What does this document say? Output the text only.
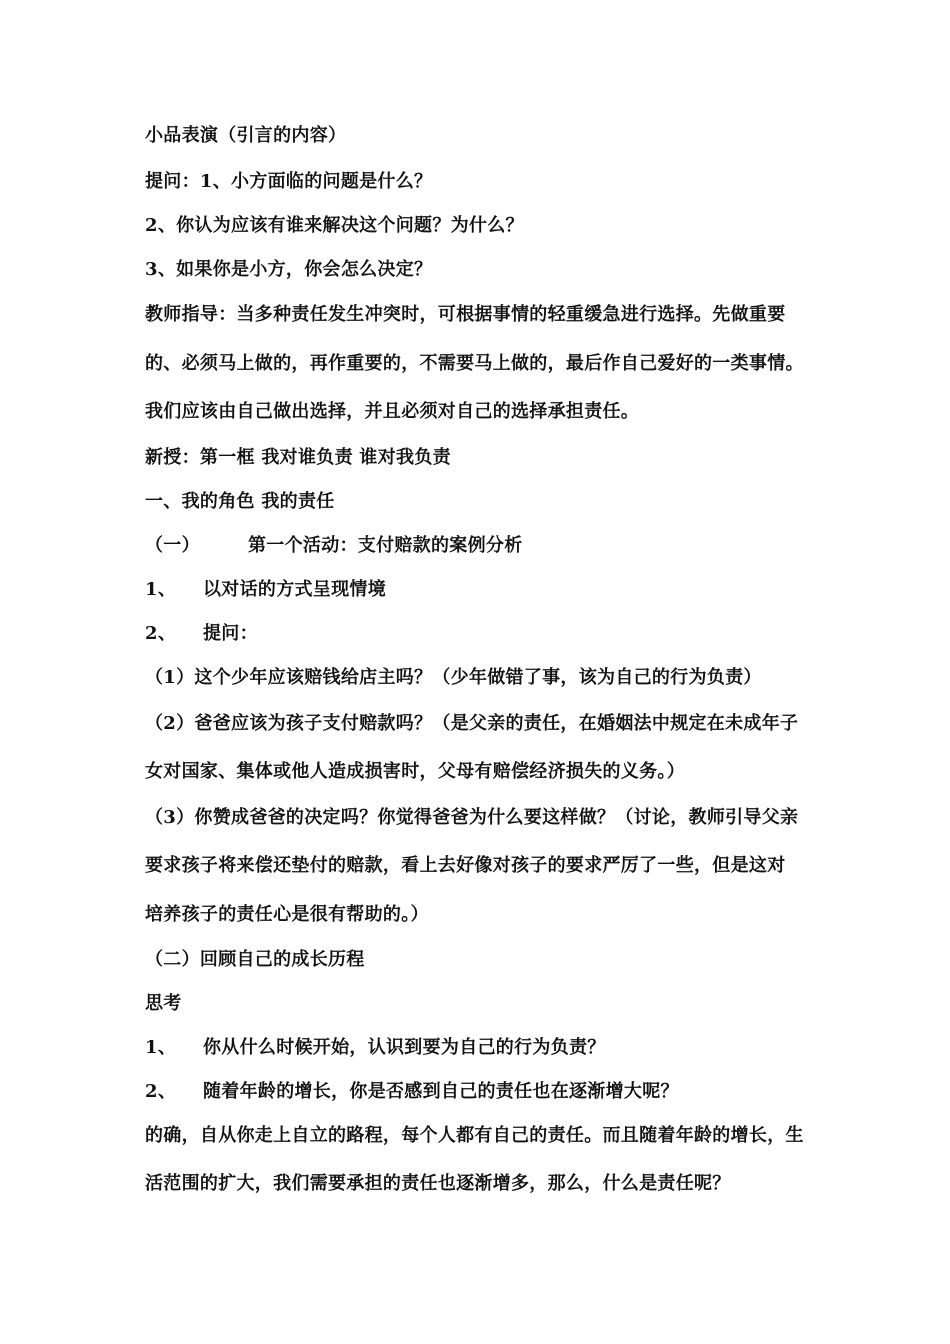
小品表演（引言的内容）
提问：1、小方面临的问题是什么？
2、你认为应该有谁来解决这个问题？为什么？
3、如果你是小方，你会怎么决定？
教师指导：当多种责任发生冲突时，可根据事情的轻重缓急进行选择。先做重要
的、必须马上做的，再作重要的，不需要马上做的，最后作自己爱好的一类事情。
我们应该由自己做出选择，并且必须对自己的选择承担责任。
新授：第一框 我对谁负责 谁对我负责
一、我的角色 我的责任
（一）	第一个活动：支付赔款的案例分析
1、 以对话的方式呈现情境
2、 提问：
（1）这个少年应该赔钱给店主吗？（少年做错了事，该为自己的行为负责）
（2）爸爸应该为孩子支付赔款吗？（是父亲的责任，在婚姻法中规定在未成年子
女对国家、集体或他人造成损害时，父母有赔偿经济损失的义务。）
（3）你赞成爸爸的决定吗？你觉得爸爸为什么要这样做？（讨论，教师引导父亲
要求孩子将来偿还垫付的赔款，看上去好像对孩子的要求严厉了一些，但是这对
培养孩子的责任心是很有帮助的。）
（二）回顾自己的成长历程
思考
1、 你从什么时候开始，认识到要为自己的行为负责？
2、 随着年龄的增长，你是否感到自己的责任也在逐渐增大呢？
的确，自从你走上自立的路程，每个人都有自己的责任。而且随着年龄的增长，生
活范围的扩大，我们需要承担的责任也逐渐增多，那么，什么是责任呢？
